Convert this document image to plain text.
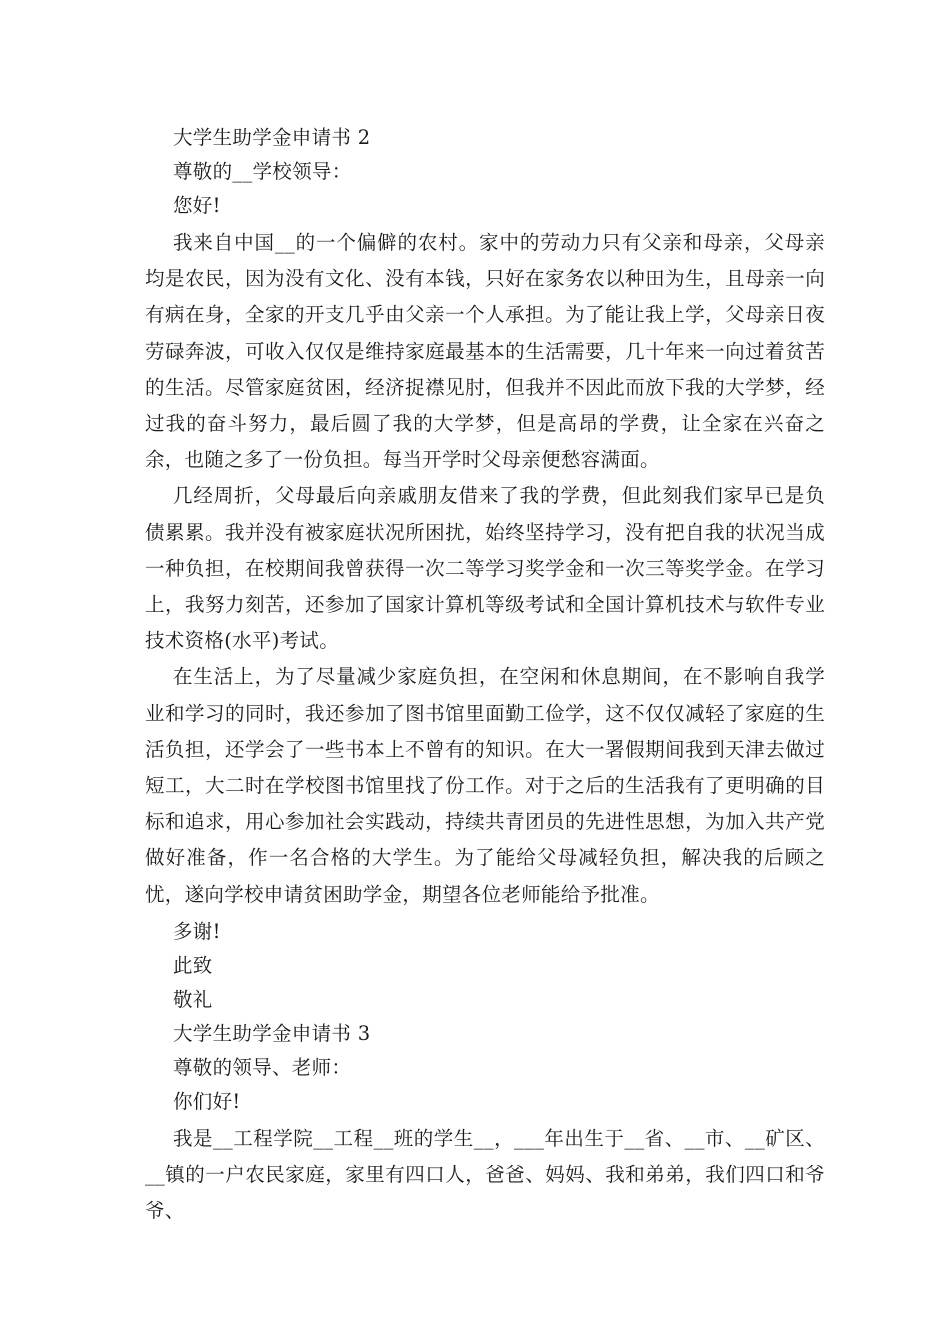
大学生助学金申请书 2
尊敬的__学校领导：
您好!

我来自中国__的一个偏僻的农村。家中的劳动力只有父亲和母亲，父母亲均是农民，因为没有文化、没有本钱，只好在家务农以种田为生，且母亲一向有病在身，全家的开支几乎由父亲一个人承担。为了能让我上学，父母亲日夜劳碌奔波，可收入仅仅是维持家庭最基本的生活需要，几十年来一向过着贫苦的生活。尽管家庭贫困，经济捉襟见肘，但我并不因此而放下我的大学梦，经过我的奋斗努力，最后圆了我的大学梦，但是高昂的学费，让全家在兴奋之余，也随之多了一份负担。每当开学时父母亲便愁容满面。

几经周折，父母最后向亲戚朋友借来了我的学费，但此刻我们家早已是负债累累。我并没有被家庭状况所困扰，始终坚持学习，没有把自我的状况当成一种负担，在校期间我曾获得一次二等学习奖学金和一次三等奖学金。在学习上，我努力刻苦，还参加了国家计算机等级考试和全国计算机技术与软件专业技术资格(水平)考试。

在生活上，为了尽量减少家庭负担，在空闲和休息期间，在不影响自我学业和学习的同时，我还参加了图书馆里面勤工俭学，这不仅仅减轻了家庭的生活负担，还学会了一些书本上不曾有的知识。在大一署假期间我到天津去做过短工，大二时在学校图书馆里找了份工作。对于之后的生活我有了更明确的目标和追求，用心参加社会实践动，持续共青团员的先进性思想，为加入共产党做好准备，作一名合格的大学生。为了能给父母减轻负担，解决我的后顾之忧，遂向学校申请贫困助学金，期望各位老师能给予批准。

多谢!
此致
敬礼
大学生助学金申请书 3
尊敬的领导、老师：
你们好!

我是__工程学院__工程__班的学生__，___年出生于__省、__市、__矿区、__镇的一户农民家庭，家里有四口人，爸爸、妈妈、我和弟弟，我们四口和爷爷、
